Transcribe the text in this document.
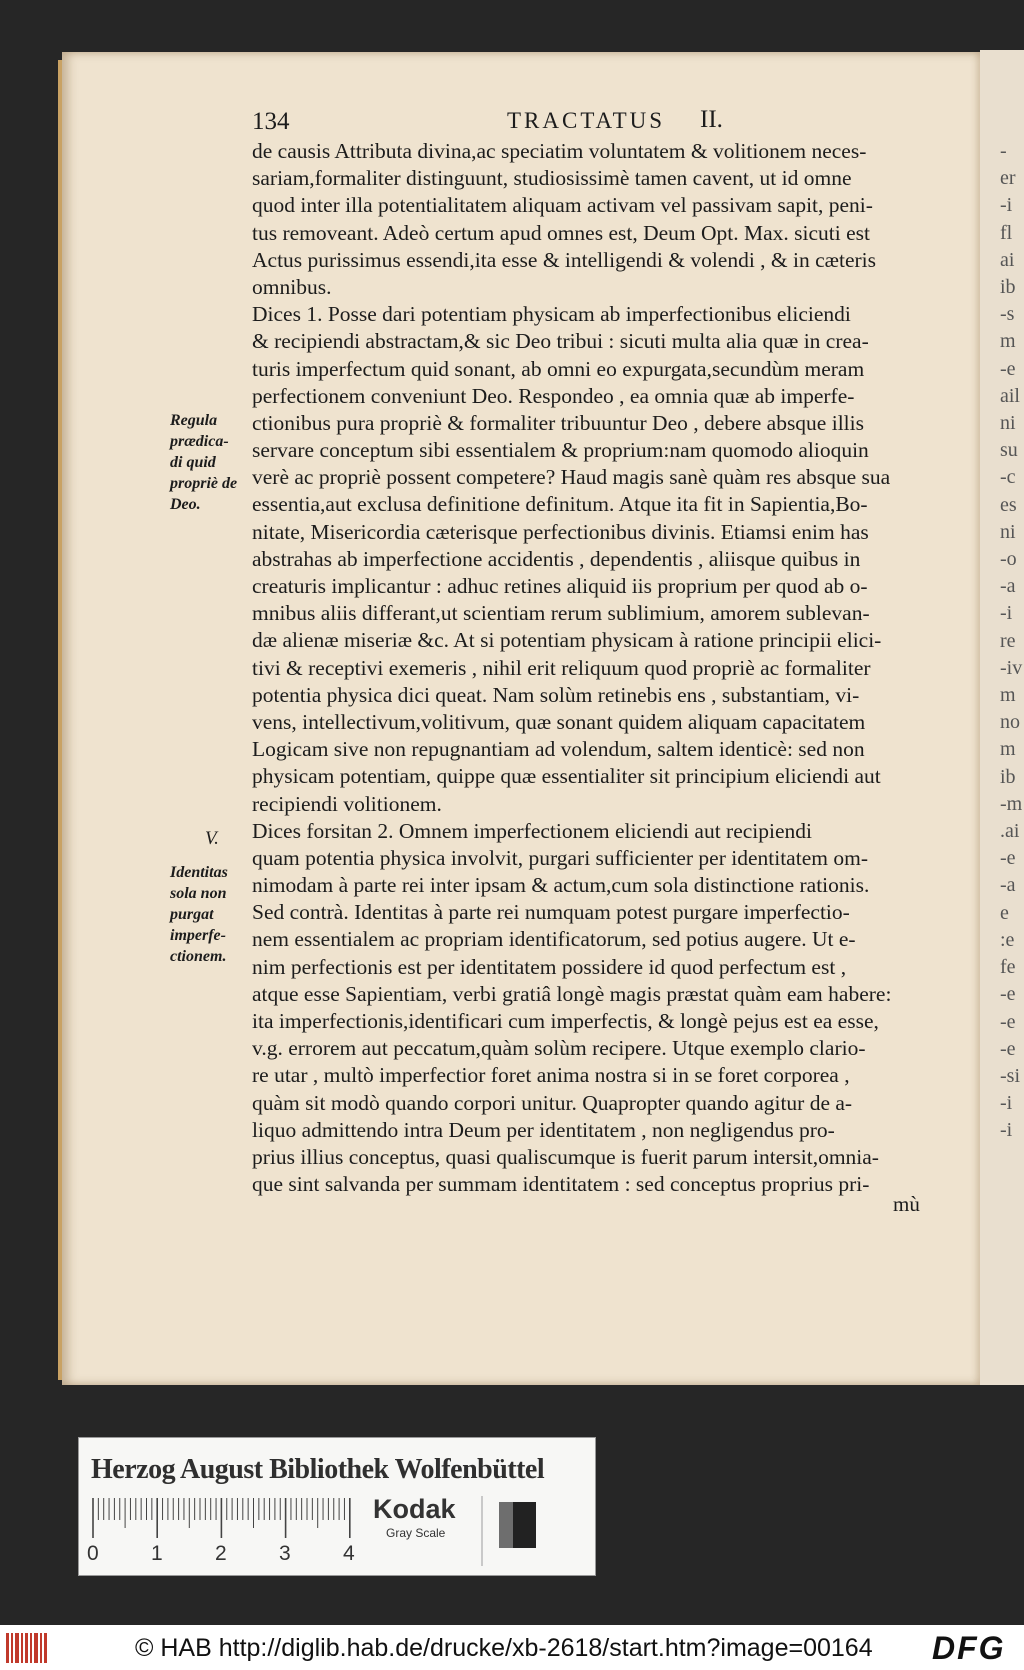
-
er
-i
fl
ai
ib
-s
m
-e
ail
ni
su
-c
es
ni
-o
-a
-i
re
-iv
m
no
m
ib
-m
.ai
-e
-a
e
:e
fe
-e
-e
-e
-si
-i
-i
134	TRACTATUS II.
de causis Attributa divina,ac speciatim voluntatem & volitionem neces-
sariam,formaliter distinguunt, studiosissimè tamen cavent, ut id omne
quod inter illa potentialitatem aliquam activam vel passivam sapit, peni-
tus removeant. Adeò certum apud omnes est, Deum Opt. Max. sicuti est
Actus purissimus essendi,ita esse & intelligendi & volendi , & in cæteris
omnibus.
Dices 1. Posse dari potentiam physicam ab imperfectionibus eliciendi
& recipiendi abstractam,& sic Deo tribui : sicuti multa alia quæ in crea-
turis imperfectum quid sonant, ab omni eo expurgata,secundùm meram
perfectionem conveniunt Deo. Respondeo , ea omnia quæ ab imperfe-
ctionibus pura propriè & formaliter tribuuntur Deo , debere absque illis
servare conceptum sibi essentialem & proprium:nam quomodo alioquin
verè ac propriè possent competere? Haud magis sanè quàm res absque sua
essentia,aut exclusa definitione definitum. Atque ita fit in Sapientia,Bo-
nitate, Misericordia cæterisque perfectionibus divinis. Etiamsi enim has
abstrahas ab imperfectione accidentis , dependentis , aliisque quibus in
creaturis implicantur : adhuc retines aliquid iis proprium per quod ab o-
mnibus aliis differant,ut scientiam rerum sublimium, amorem sublevan-
dæ alienæ miseriæ &c. At si potentiam physicam à ratione principii elici-
tivi & receptivi exemeris , nihil erit reliquum quod propriè ac formaliter
potentia physica dici queat. Nam solùm retinebis ens , substantiam, vi-
vens, intellectivum,volitivum, quæ sonant quidem aliquam capacitatem
Logicam sive non repugnantiam ad volendum, saltem identicè: sed non
physicam potentiam, quippe quæ essentialiter sit principium eliciendi aut
recipiendi volitionem.
Dices forsitan 2. Omnem imperfectionem eliciendi aut recipiendi
quam potentia physica involvit, purgari sufficienter per identitatem om-
nimodam à parte rei inter ipsam & actum,cum sola distinctione rationis.
Sed contrà. Identitas à parte rei numquam potest purgare imperfectio-
nem essentialem ac propriam identificatorum, sed potius augere. Ut e-
nim perfectionis est per identitatem possidere id quod perfectum est ,
atque esse Sapientiam, verbi gratiâ longè magis præstat quàm eam habere:
ita imperfectionis,identificari cum imperfectis, & longè pejus est ea esse,
v.g. errorem aut peccatum,quàm solùm recipere. Utque exemplo clario-
re utar , multò imperfectior foret anima nostra si in se foret corporea ,
quàm sit modò quando corpori unitur. Quapropter quando agitur de a-
liquo admittendo intra Deum per identitatem , non negligendus pro-
prius illius conceptus, quasi qualiscumque is fuerit parum intersit,omnia-
que sint salvanda per summam identitatem : sed conceptus proprius pri-
mù
Regula
prædica-
di quid
propriè de
Deo.
V.
Identitas
sola non
purgat
imperfe-
ctionem.
Herzog August Bibliothek Wolfenbüttel
0 1 2 3 4
Kodak
Gray Scale
© HAB http://diglib.hab.de/drucke/xb-2618/start.htm?image=00164 DFG
